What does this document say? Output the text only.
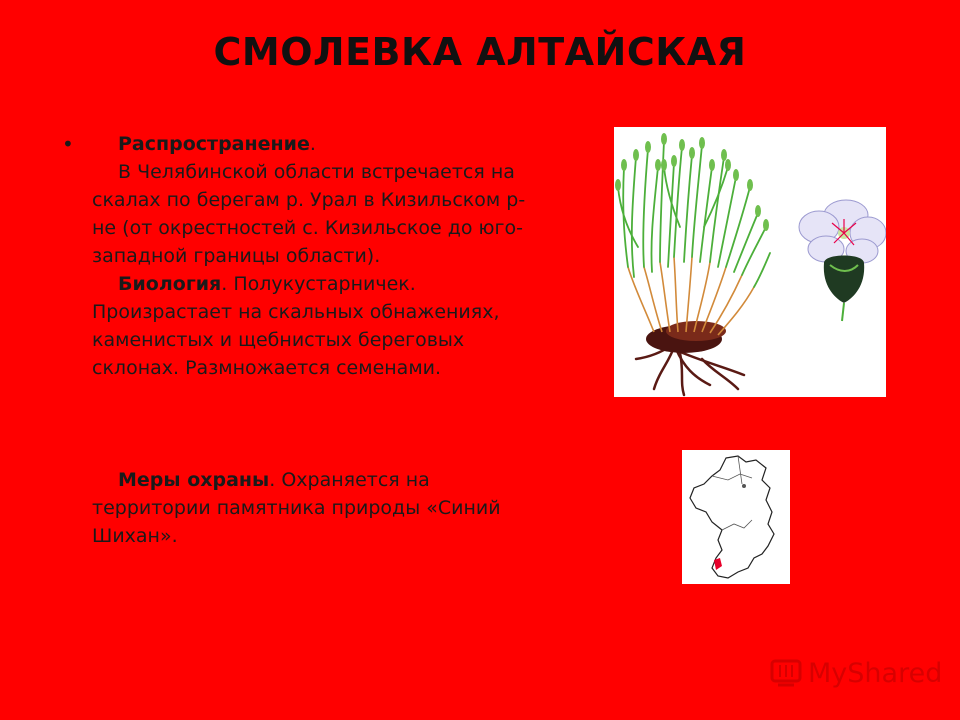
СМОЛЕВКА АЛТАЙСКАЯ
•	Распространение.
В Челябинской области встречается на скалах по берегам р. Урал в Кизильском р-не (от окрестностей с. Кизильское до юго-западной границы области).

Биология. Полукустарничек. Произрастает на скальных обнажениях, каменистых и щебнистых береговых склонах. Размножается семенами.

Меры охраны. Охраняется на территории памятника природы «Синий Шихан».

MyShared
